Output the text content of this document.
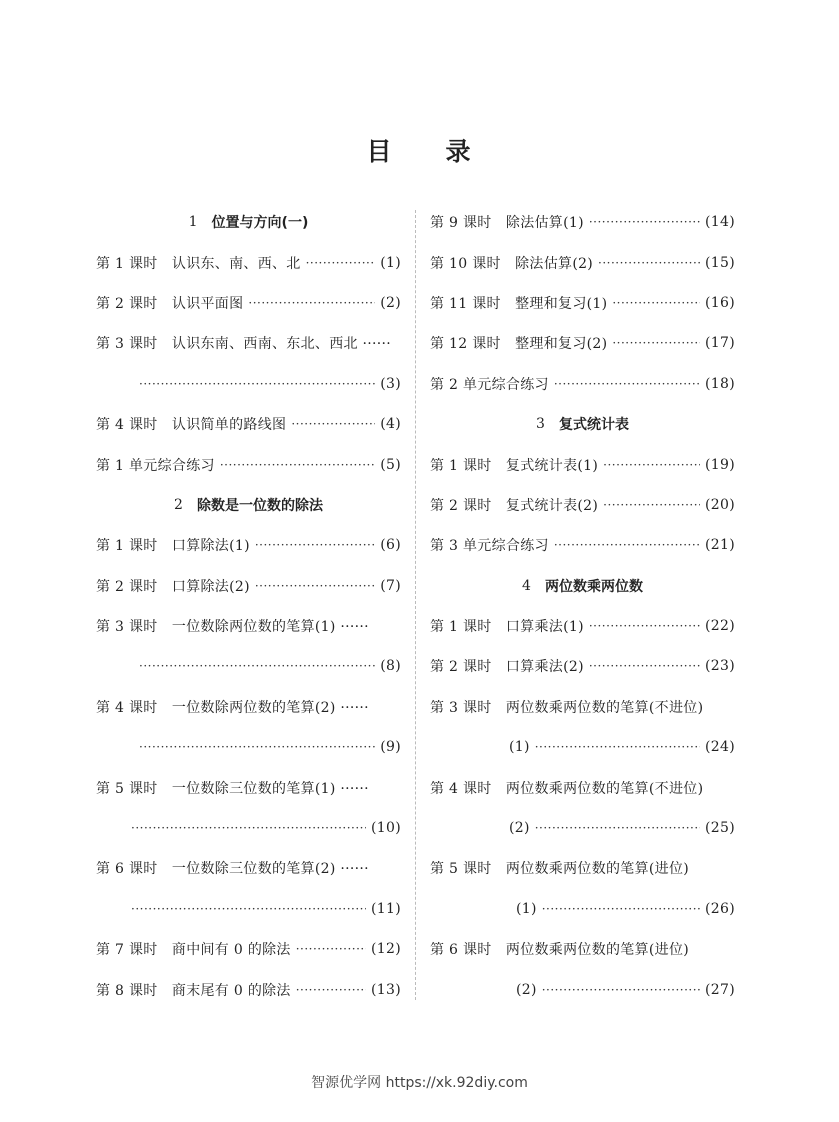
目 录
1 位置与方向(一)
第 1 课时　认识东、南、西、北 ·····	(1)
第 2 课时　认识平面图 ·····	(2)
第 3 课时　认识东南、西南、东北、西北 ······
·····
(3)
第 4 课时　认识简单的路线图 ·····	(4)
第 1 单元综合练习 ·····	(5)
2 除数是一位数的除法
第 1 课时　口算除法(1) ·····	(6)
第 2 课时　口算除法(2) ·····	(7)
第 3 课时　一位数除两位数的笔算(1) ······
·····
(8)
第 4 课时　一位数除两位数的笔算(2) ······
·····
(9)
第 5 课时　一位数除三位数的笔算(1) ······
·····
(10)
第 6 课时　一位数除三位数的笔算(2) ······
·····
(11)
第 7 课时　商中间有 0 的除法 ·····	(12)
第 8 课时　商末尾有 0 的除法 ·····	(13)
第 9 课时　除法估算(1) ·····	(14)
第 10 课时　除法估算(2) ·····	(15)
第 11 课时　整理和复习(1) ·····	(16)
第 12 课时　整理和复习(2) ·····	(17)
第 2 单元综合练习 ·····	(18)
3 复式统计表
第 1 课时　复式统计表(1) ·····	(19)
第 2 课时　复式统计表(2) ·····	(20)
第 3 单元综合练习 ·····	(21)
4 两位数乘两位数
第 1 课时　口算乘法(1) ·····	(22)
第 2 课时　口算乘法(2) ·····	(23)
第 3 课时　两位数乘两位数的笔算(不进位)
(1) ·····	(24)
第 4 课时　两位数乘两位数的笔算(不进位)
(2) ·····	(25)
第 5 课时　两位数乘两位数的笔算(进位)
(1) ·····	(26)
第 6 课时　两位数乘两位数的笔算(进位)
(2) ·····	(27)
智源优学网 https://xk.92diy.com
